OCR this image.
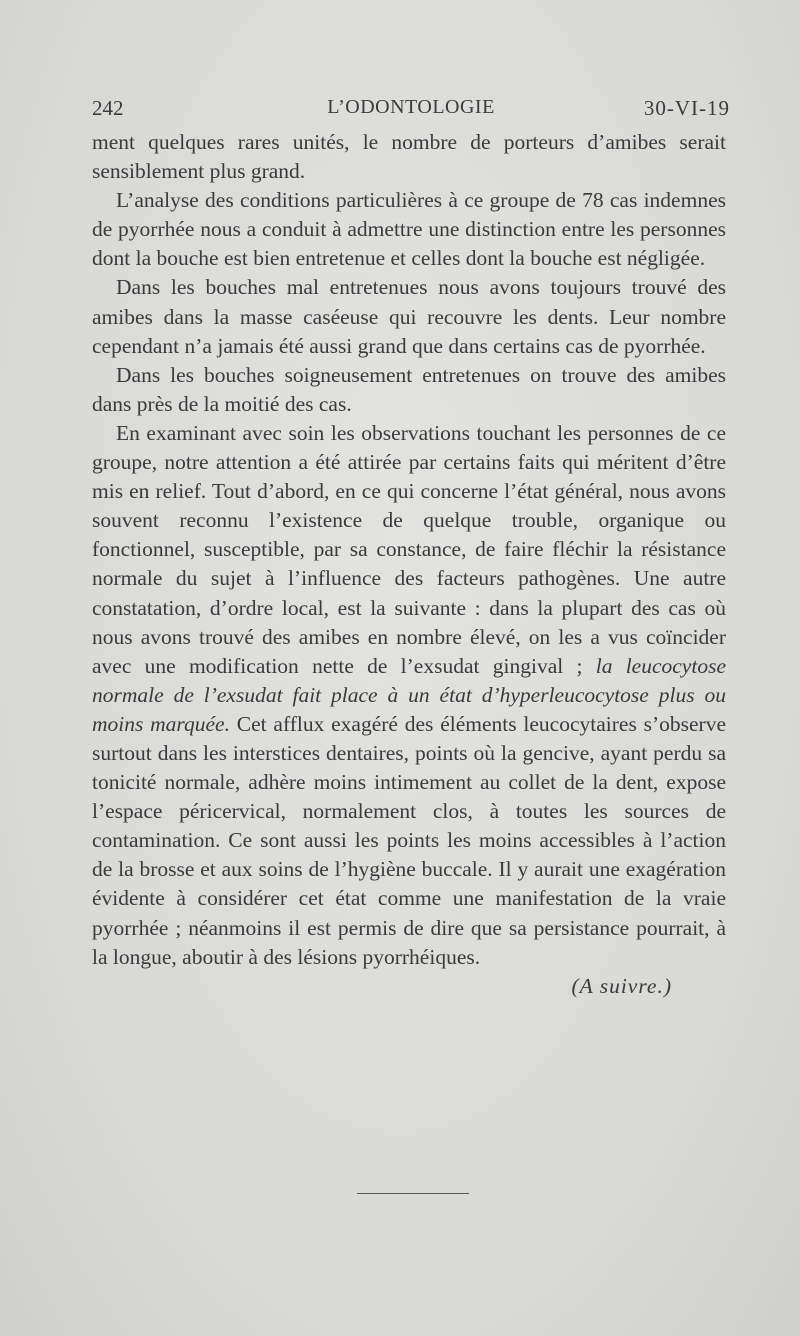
242	L’ODONTOLOGIE	30-VI-19

ment quelques rares unités, le nombre de porteurs d’amibes serait sensiblement plus grand.

L’analyse des conditions particulières à ce groupe de 78 cas indemnes de pyorrhée nous a conduit à admettre une distinction entre les personnes dont la bouche est bien entretenue et celles dont la bouche est négligée.

Dans les bouches mal entretenues nous avons toujours trouvé des amibes dans la masse caséeuse qui recouvre les dents. Leur nombre cependant n’a jamais été aussi grand que dans certains cas de pyorrhée.

Dans les bouches soigneusement entretenues on trouve des amibes dans près de la moitié des cas.

En examinant avec soin les observations touchant les personnes de ce groupe, notre attention a été attirée par certains faits qui méritent d’être mis en relief. Tout d’abord, en ce qui concerne l’état général, nous avons souvent reconnu l’existence de quelque trouble, organique ou fonctionnel, susceptible, par sa constance, de faire fléchir la résistance normale du sujet à l’influence des facteurs pathogènes. Une autre constatation, d’ordre local, est la suivante : dans la plupart des cas où nous avons trouvé des amibes en nombre élevé, on les a vus coïncider avec une modification nette de l’exsudat gingival ; la leucocytose normale de l’exsudat fait place à un état d’hyperleucocytose plus ou moins marquée. Cet afflux exagéré des éléments leucocytaires s’observe surtout dans les interstices dentaires, points où la gencive, ayant perdu sa tonicité normale, adhère moins intimement au collet de la dent, expose l’espace péricervical, normalement clos, à toutes les sources de contamination. Ce sont aussi les points les moins accessibles à l’action de la brosse et aux soins de l’hygiène buccale. Il y aurait une exagération évidente à considérer cet état comme une manifestation de la vraie pyorrhée ; néanmoins il est permis de dire que sa persistance pourrait, à la longue, aboutir à des lésions pyorrhéiques.

(A suivre.)
